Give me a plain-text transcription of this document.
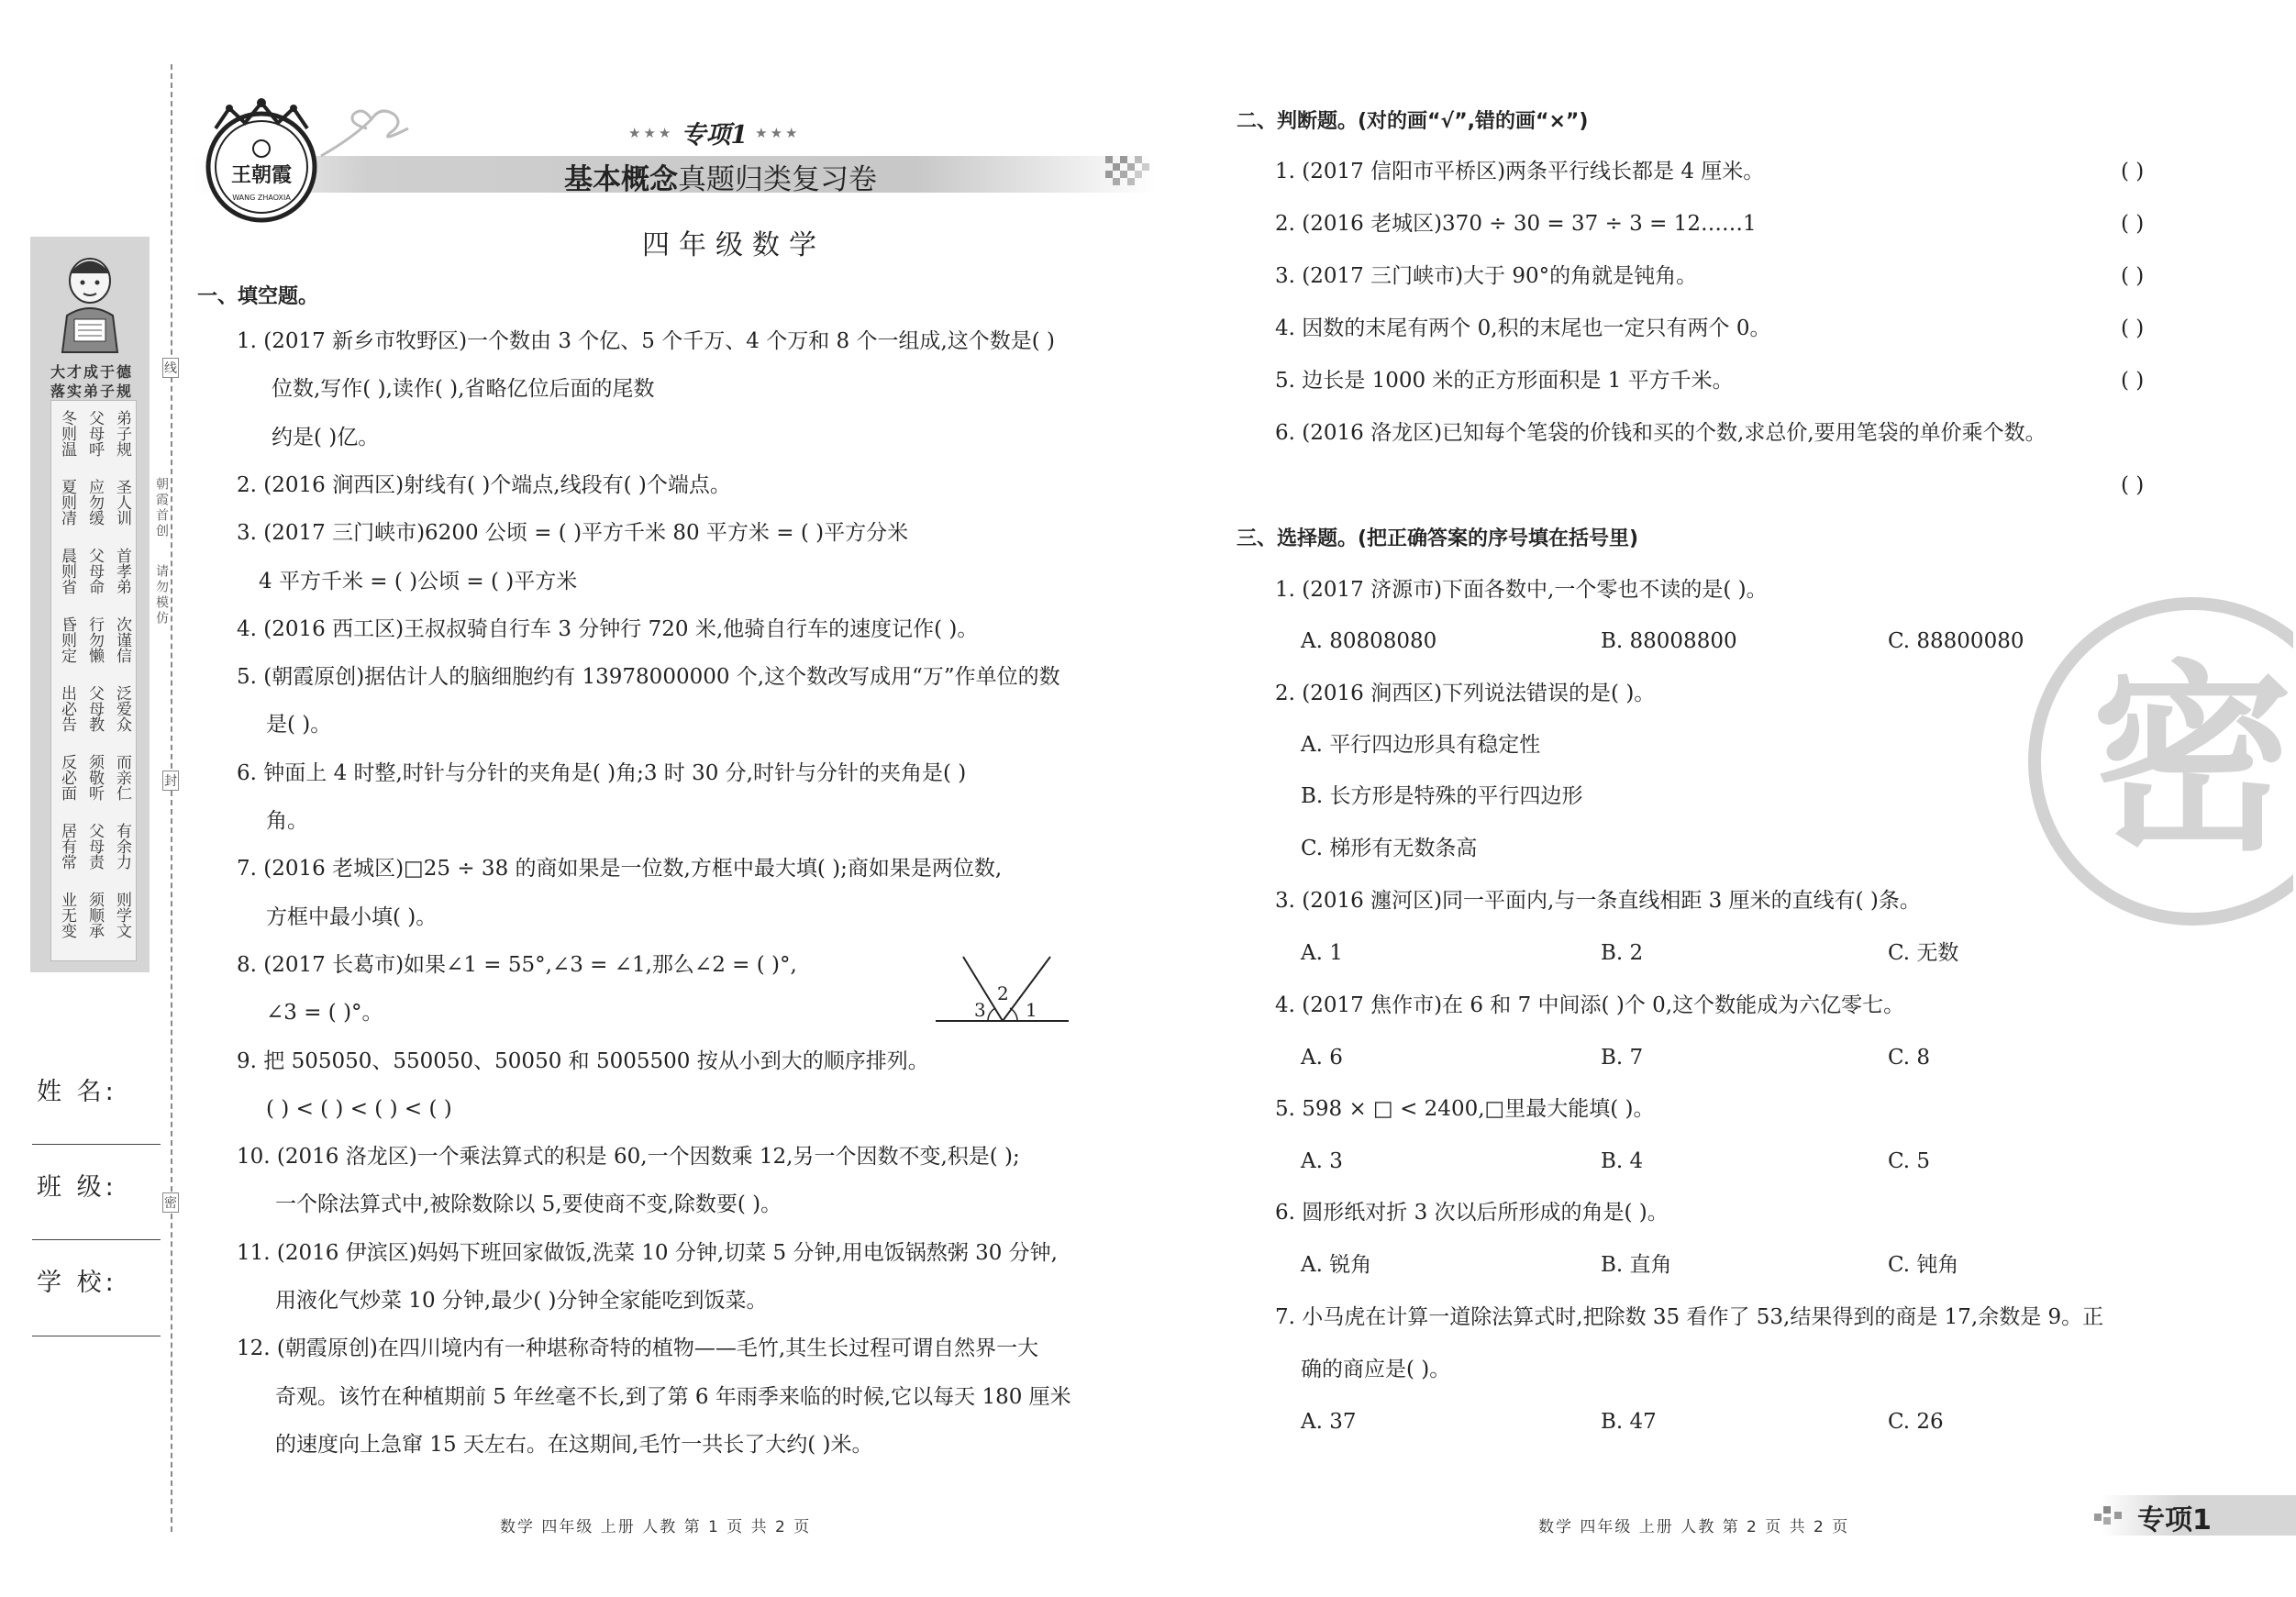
大才成于德
落实弟子规
冬则温 父母呼 弟子规
夏则凊 应勿缓 圣人训
晨则省 父母命 首孝弟
昏则定 行勿懒 次谨信
出必告 父母教 泛爱众
反必面 须敬听 而亲仁
居有常 父母责 有余力
业无变 须顺承 则学文
朝霞首创
请勿模仿
线
封
密
姓 名:
班 级:
学 校:
王朝霞
WANG ZHAOXIA
★★★ 专项1 ★★★
基本概念真题归类复习卷
四年级数学
一、填空题。
1. (2017 新乡市牧野区)一个数由 3 个亿、5 个千万、4 个万和 8 个一组成,这个数是( )
位数,写作( ),读作( ),省略亿位后面的尾数
约是( )亿。
2. (2016 涧西区)射线有( )个端点,线段有( )个端点。
3. (2017 三门峡市)6200 公顷 = ( )平方千米 80 平方米 = ( )平方分米
4 平方千米 = ( )公顷 = ( )平方米
4. (2016 西工区)王叔叔骑自行车 3 分钟行 720 米,他骑自行车的速度记作( )。
5. (朝霞原创)据估计人的脑细胞约有 13978000000 个,这个数改写成用“万”作单位的数
是( )。
6. 钟面上 4 时整,时针与分针的夹角是( )角;3 时 30 分,时针与分针的夹角是( )
角。
7. (2016 老城区)□25 ÷ 38 的商如果是一位数,方框中最大填( );商如果是两位数,
方框中最小填( )。
8. (2017 长葛市)如果∠1 = 55°,∠3 = ∠1,那么∠2 = ( )°,
∠3 = ( )°。
9. 把 505050、550050、50050 和 5005500 按从小到大的顺序排列。
( ) < ( ) < ( ) < ( )
10. (2016 洛龙区)一个乘法算式的积是 60,一个因数乘 12,另一个因数不变,积是( );
一个除法算式中,被除数除以 5,要使商不变,除数要( )。
11. (2016 伊滨区)妈妈下班回家做饭,洗菜 10 分钟,切菜 5 分钟,用电饭锅熬粥 30 分钟,
用液化气炒菜 10 分钟,最少( )分钟全家能吃到饭菜。
12. (朝霞原创)在四川境内有一种堪称奇特的植物——毛竹,其生长过程可谓自然界一大
奇观。该竹在种植期前 5 年丝毫不长,到了第 6 年雨季来临的时候,它以每天 180 厘米
的速度向上急窜 15 天左右。在这期间,毛竹一共长了大约( )米。
3
2
1
二、判断题。(对的画“√”,错的画“×”)
1. (2017 信阳市平桥区)两条平行线长都是 4 厘米。	( )
2. (2016 老城区)370 ÷ 30 = 37 ÷ 3 = 12……1	( )
3. (2017 三门峡市)大于 90°的角就是钝角。	( )
4. 因数的末尾有两个 0,积的末尾也一定只有两个 0。	( )
5. 边长是 1000 米的正方形面积是 1 平方千米。	( )
6. (2016 洛龙区)已知每个笔袋的价钱和买的个数,求总价,要用笔袋的单价乘个数。
( )
三、选择题。(把正确答案的序号填在括号里)
1. (2017 济源市)下面各数中,一个零也不读的是( )。
A. 80808080	B. 88008800	C. 88800080
2. (2016 涧西区)下列说法错误的是( )。
A. 平行四边形具有稳定性
B. 长方形是特殊的平行四边形
C. 梯形有无数条高
3. (2016 瀍河区)同一平面内,与一条直线相距 3 厘米的直线有( )条。
A. 1	B. 2	C. 无数
4. (2017 焦作市)在 6 和 7 中间添( )个 0,这个数能成为六亿零七。
A. 6	B. 7	C. 8
5. 598 × □ < 2400,□里最大能填( )。
A. 3	B. 4	C. 5
6. 圆形纸对折 3 次以后所形成的角是( )。
A. 锐角	B. 直角	C. 钝角
7. 小马虎在计算一道除法算式时,把除数 35 看作了 53,结果得到的商是 17,余数是 9。正
确的商应是( )。
A. 37	B. 47	C. 26
密
数学 四年级 上册 人教 第 1 页 共 2 页	数学 四年级 上册 人教 第 2 页 共 2 页	专项1
